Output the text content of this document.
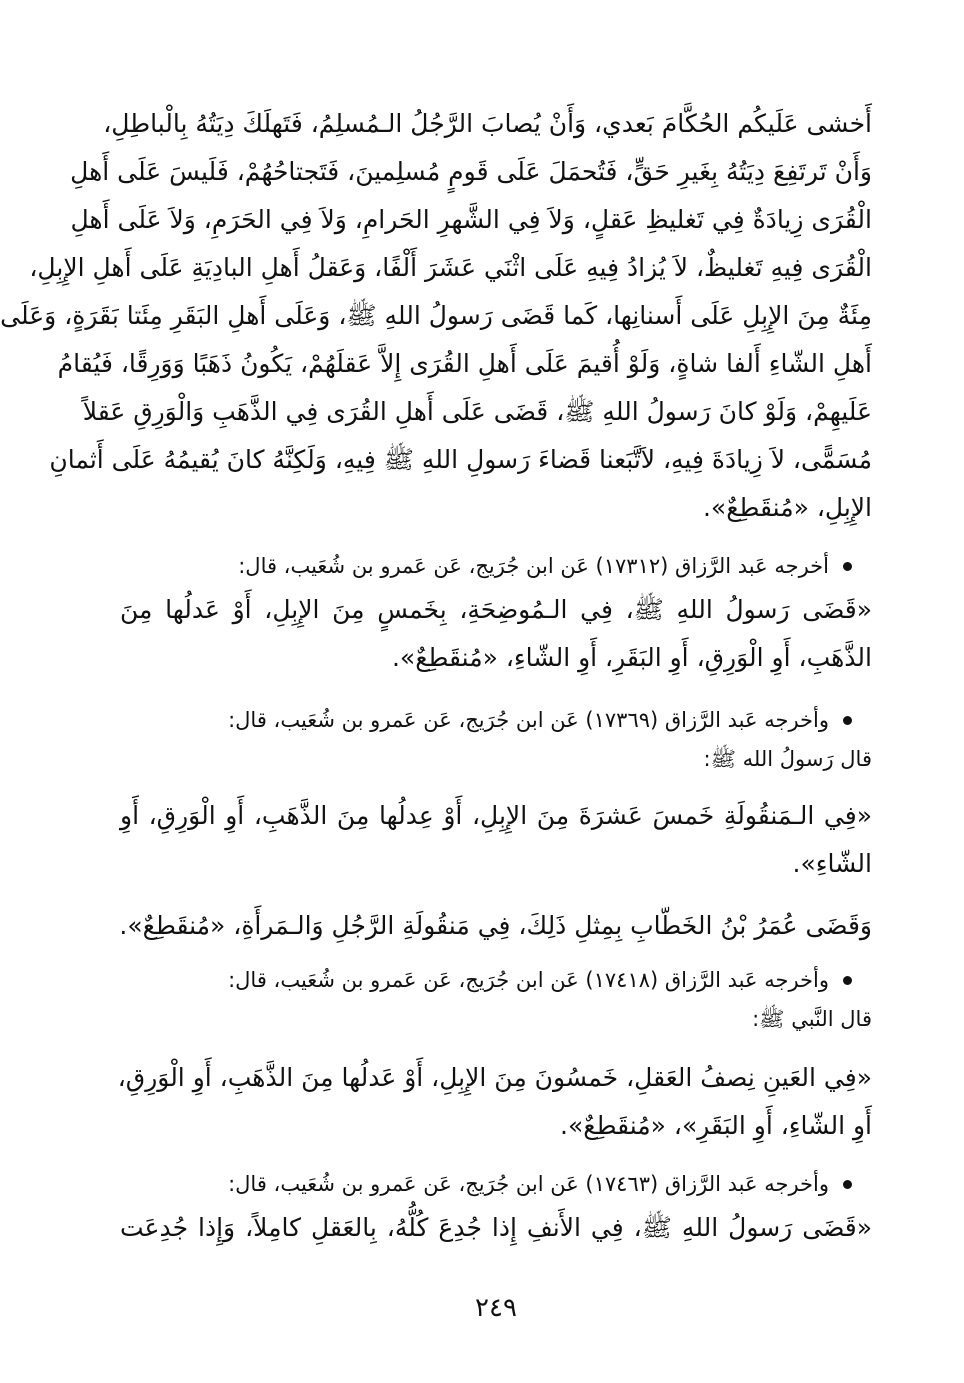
أَخشى عَلَيكُم الحُكَّامَ بَعدي، وَأَنْ يُصابَ الرَّجُلُ الـمُسلِمُ، فَتَهلَكَ دِيَتُهُ بِالْباطِلِ،
وَأَنْ تَرتَفِعَ دِيَتُهُ بِغَيرِ حَقٍّ، فَتُحمَلَ عَلَى قَومٍ مُسلِمينَ، فَتَجتاحُهُمْ، فَلَيسَ عَلَى أَهلِ
الْقُرَى زِيادَةٌ فِي تَغليظِ عَقلٍ، وَلاَ فِي الشَّهرِ الحَرامِ، وَلاَ فِي الحَرَمِ، وَلاَ عَلَى أَهلِ
الْقُرَى فِيهِ تَغليظٌ، لاَ يُزادُ فِيهِ عَلَى اثْنَي عَشَرَ أَلْفًا، وَعَقلُ أَهلِ البادِيَةِ عَلَى أَهلِ الإِبِلِ،
مِئَةٌ مِنَ الإِبِلِ عَلَى أَسنانِها، كَما قَضَى رَسولُ اللهِ ﷺ، وَعَلَى أَهلِ البَقَرِ مِئَتا بَقَرَةٍ، وَعَلَى
أَهلِ الشّاءِ أَلفا شاةٍ، وَلَوْ أُقيمَ عَلَى أَهلِ القُرَى إِلاَّ عَقلَهُمْ، يَكُونُ ذَهَبًا وَوَرِقًا، فَيُقامُ
عَلَيهِمْ، وَلَوْ كانَ رَسولُ اللهِ ﷺ، قَضَى عَلَى أَهلِ القُرَى فِي الذَّهَبِ وَالْوَرِقِ عَقلاً
مُسَمًّى، لاَ زِيادَةَ فِيهِ، لاَتَّبَعنا قَضاءَ رَسولِ اللهِ ﷺ فِيهِ، وَلَكِنَّهُ كانَ يُقيمُهُ عَلَى أَثمانِ
الإِبِلِ، «مُنقَطِعٌ».
أخرجه عَبد الرَّزاق (١٧٣١٢) عَن ابن جُرَيج، عَن عَمرو بن شُعَيب، قال:
«قَضَى رَسولُ اللهِ ﷺ، فِي الـمُوضِحَةِ، بِخَمسٍ مِنَ الإِبِلِ، أَوْ عَدلُها مِنَ
الذَّهَبِ، أَوِ الْوَرِقِ، أَوِ البَقَرِ، أَوِ الشّاءِ، «مُنقَطِعٌ».
وأخرجه عَبد الرَّزاق (١٧٣٦٩) عَن ابن جُرَيج، عَن عَمرو بن شُعَيب، قال:
قال رَسولُ الله ﷺ:
«فِي الـمَنقُولَةِ خَمسَ عَشرَةَ مِنَ الإِبِلِ، أَوْ عِدلُها مِنَ الذَّهَبِ، أَوِ الْوَرِقِ، أَوِ
الشّاءِ».
وَقَضَى عُمَرُ بْنُ الخَطّابِ بِمِثلِ ذَلِكَ، فِي مَنقُولَةِ الرَّجُلِ وَالـمَرأَةِ، «مُنقَطِعٌ».
وأخرجه عَبد الرَّزاق (١٧٤١٨) عَن ابن جُرَيج، عَن عَمرو بن شُعَيب، قال:
قال النَّبي ﷺ:
«فِي العَينِ نِصفُ العَقلِ، خَمسُونَ مِنَ الإِبِلِ، أَوْ عَدلُها مِنَ الذَّهَبِ، أَوِ الْوَرِقِ،
أَوِ الشّاءِ، أَوِ البَقَرِ»، «مُنقَطِعٌ».
وأخرجه عَبد الرَّزاق (١٧٤٦٣) عَن ابن جُرَيج، عَن عَمرو بن شُعَيب، قال:
«قَضَى رَسولُ اللهِ ﷺ، فِي الأَنفِ إِذا جُدِعَ كُلُّهُ، بِالعَقلِ كامِلاً، وَإِذا جُدِعَت
٢٤٩
